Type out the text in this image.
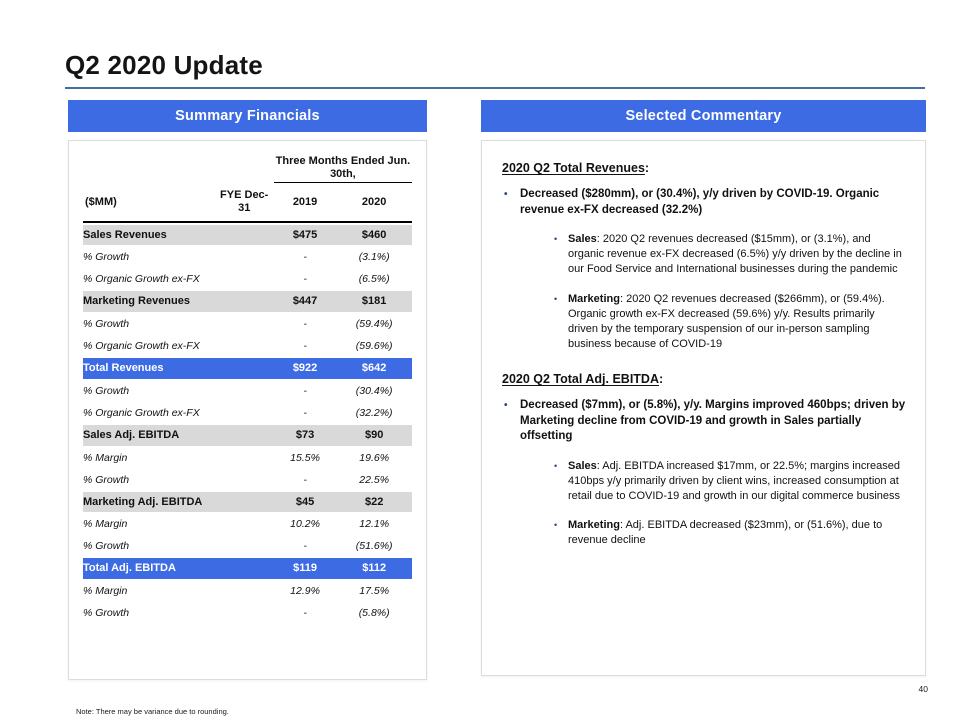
Q2 2020 Update
Summary Financials
		Three Months Ended Jun. 30th,	
($MM)	FYE Dec-31	2019	2020
Sales Revenues		$475	$460
% Growth		-	(3.1%)
% Organic Growth ex-FX		-	(6.5%)
Marketing Revenues		$447	$181
% Growth		-	(59.4%)
% Organic Growth ex-FX		-	(59.6%)
Total Revenues		$922	$642
% Growth		-	(30.4%)
% Organic Growth ex-FX		-	(32.2%)
Sales Adj. EBITDA		$73	$90
% Margin		15.5%	19.6%
% Growth		-	22.5%
Marketing Adj. EBITDA		$45	$22
% Margin		10.2%	12.1%
% Growth		-	(51.6%)
Total Adj. EBITDA		$119	$112
% Margin		12.9%	17.5%
% Growth		-	(5.8%)
Selected Commentary
2020 Q2 Total Revenues:
•	Decreased ($280mm), or (30.4%), y/y driven by COVID-19. Organic revenue ex-FX decreased (32.2%)
• Sales: 2020 Q2 revenues decreased ($15mm), or (3.1%), and organic revenue ex-FX decreased (6.5%) y/y driven by the decline in our Food Service and International businesses during the pandemic
• Marketing: 2020 Q2 revenues decreased ($266mm), or (59.4%). Organic growth ex-FX decreased (59.6%) y/y. Results primarily driven by the temporary suspension of our in-person sampling business because of COVID-19
2020 Q2 Total Adj. EBITDA:
•	Decreased ($7mm), or (5.8%), y/y. Margins improved 460bps; driven by Marketing decline from COVID-19 and growth in Sales partially offsetting
• Sales: Adj. EBITDA increased $17mm, or 22.5%; margins increased 410bps y/y primarily driven by client wins, increased consumption at retail due to COVID-19 and growth in our digital commerce business
• Marketing: Adj. EBITDA decreased ($23mm), or (51.6%), due to revenue decline
Note: There may be variance due to rounding.
40
